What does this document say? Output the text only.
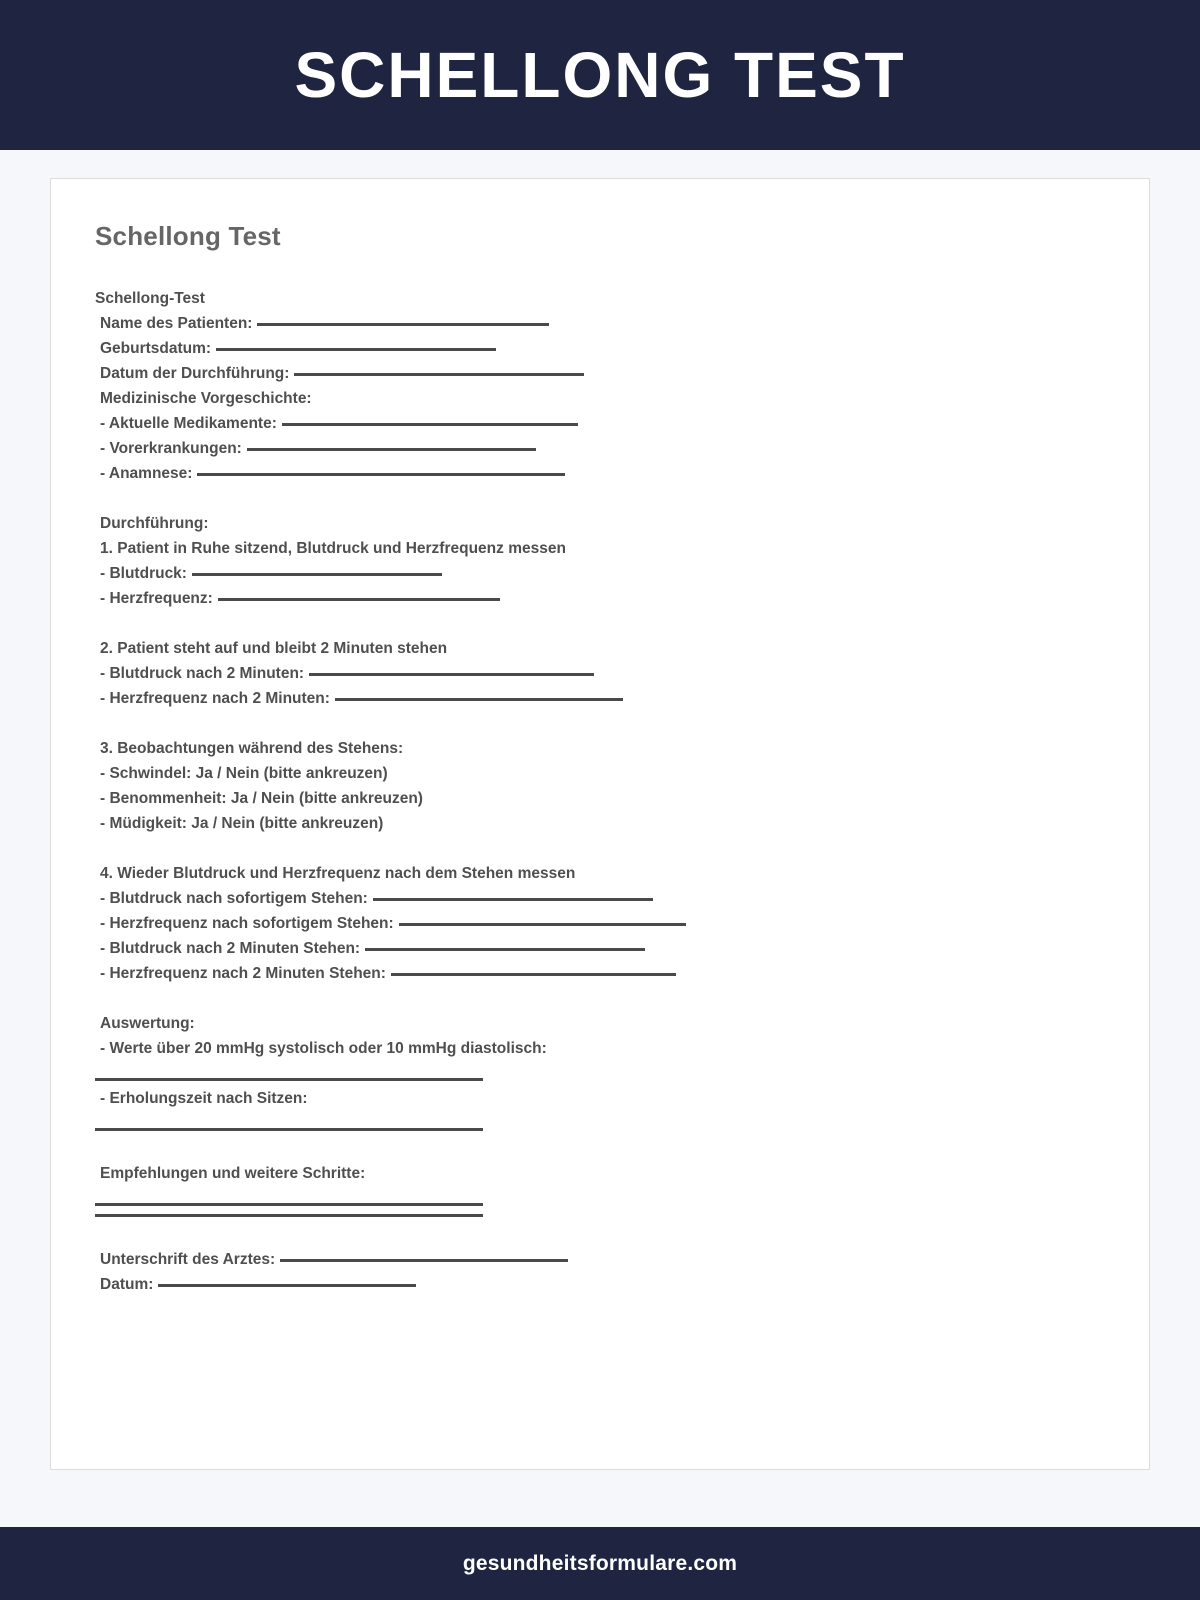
SCHELLONG TEST
Schellong Test
Schellong-Test
Name des Patienten:
Geburtsdatum:
Datum der Durchführung:
Medizinische Vorgeschichte:
- Aktuelle Medikamente:
- Vorerkrankungen:
- Anamnese:
Durchführung:
1. Patient in Ruhe sitzend, Blutdruck und Herzfrequenz messen
- Blutdruck:
- Herzfrequenz:
2. Patient steht auf und bleibt 2 Minuten stehen
- Blutdruck nach 2 Minuten:
- Herzfrequenz nach 2 Minuten:
3. Beobachtungen während des Stehens:
- Schwindel: Ja / Nein (bitte ankreuzen)
- Benommenheit: Ja / Nein (bitte ankreuzen)
- Müdigkeit: Ja / Nein (bitte ankreuzen)
4. Wieder Blutdruck und Herzfrequenz nach dem Stehen messen
- Blutdruck nach sofortigem Stehen:
- Herzfrequenz nach sofortigem Stehen:
- Blutdruck nach 2 Minuten Stehen:
- Herzfrequenz nach 2 Minuten Stehen:
Auswertung:
- Werte über 20 mmHg systolisch oder 10 mmHg diastolisch:
- Erholungszeit nach Sitzen:
Empfehlungen und weitere Schritte:
Unterschrift des Arztes:
Datum:
gesundheitsformulare.com
